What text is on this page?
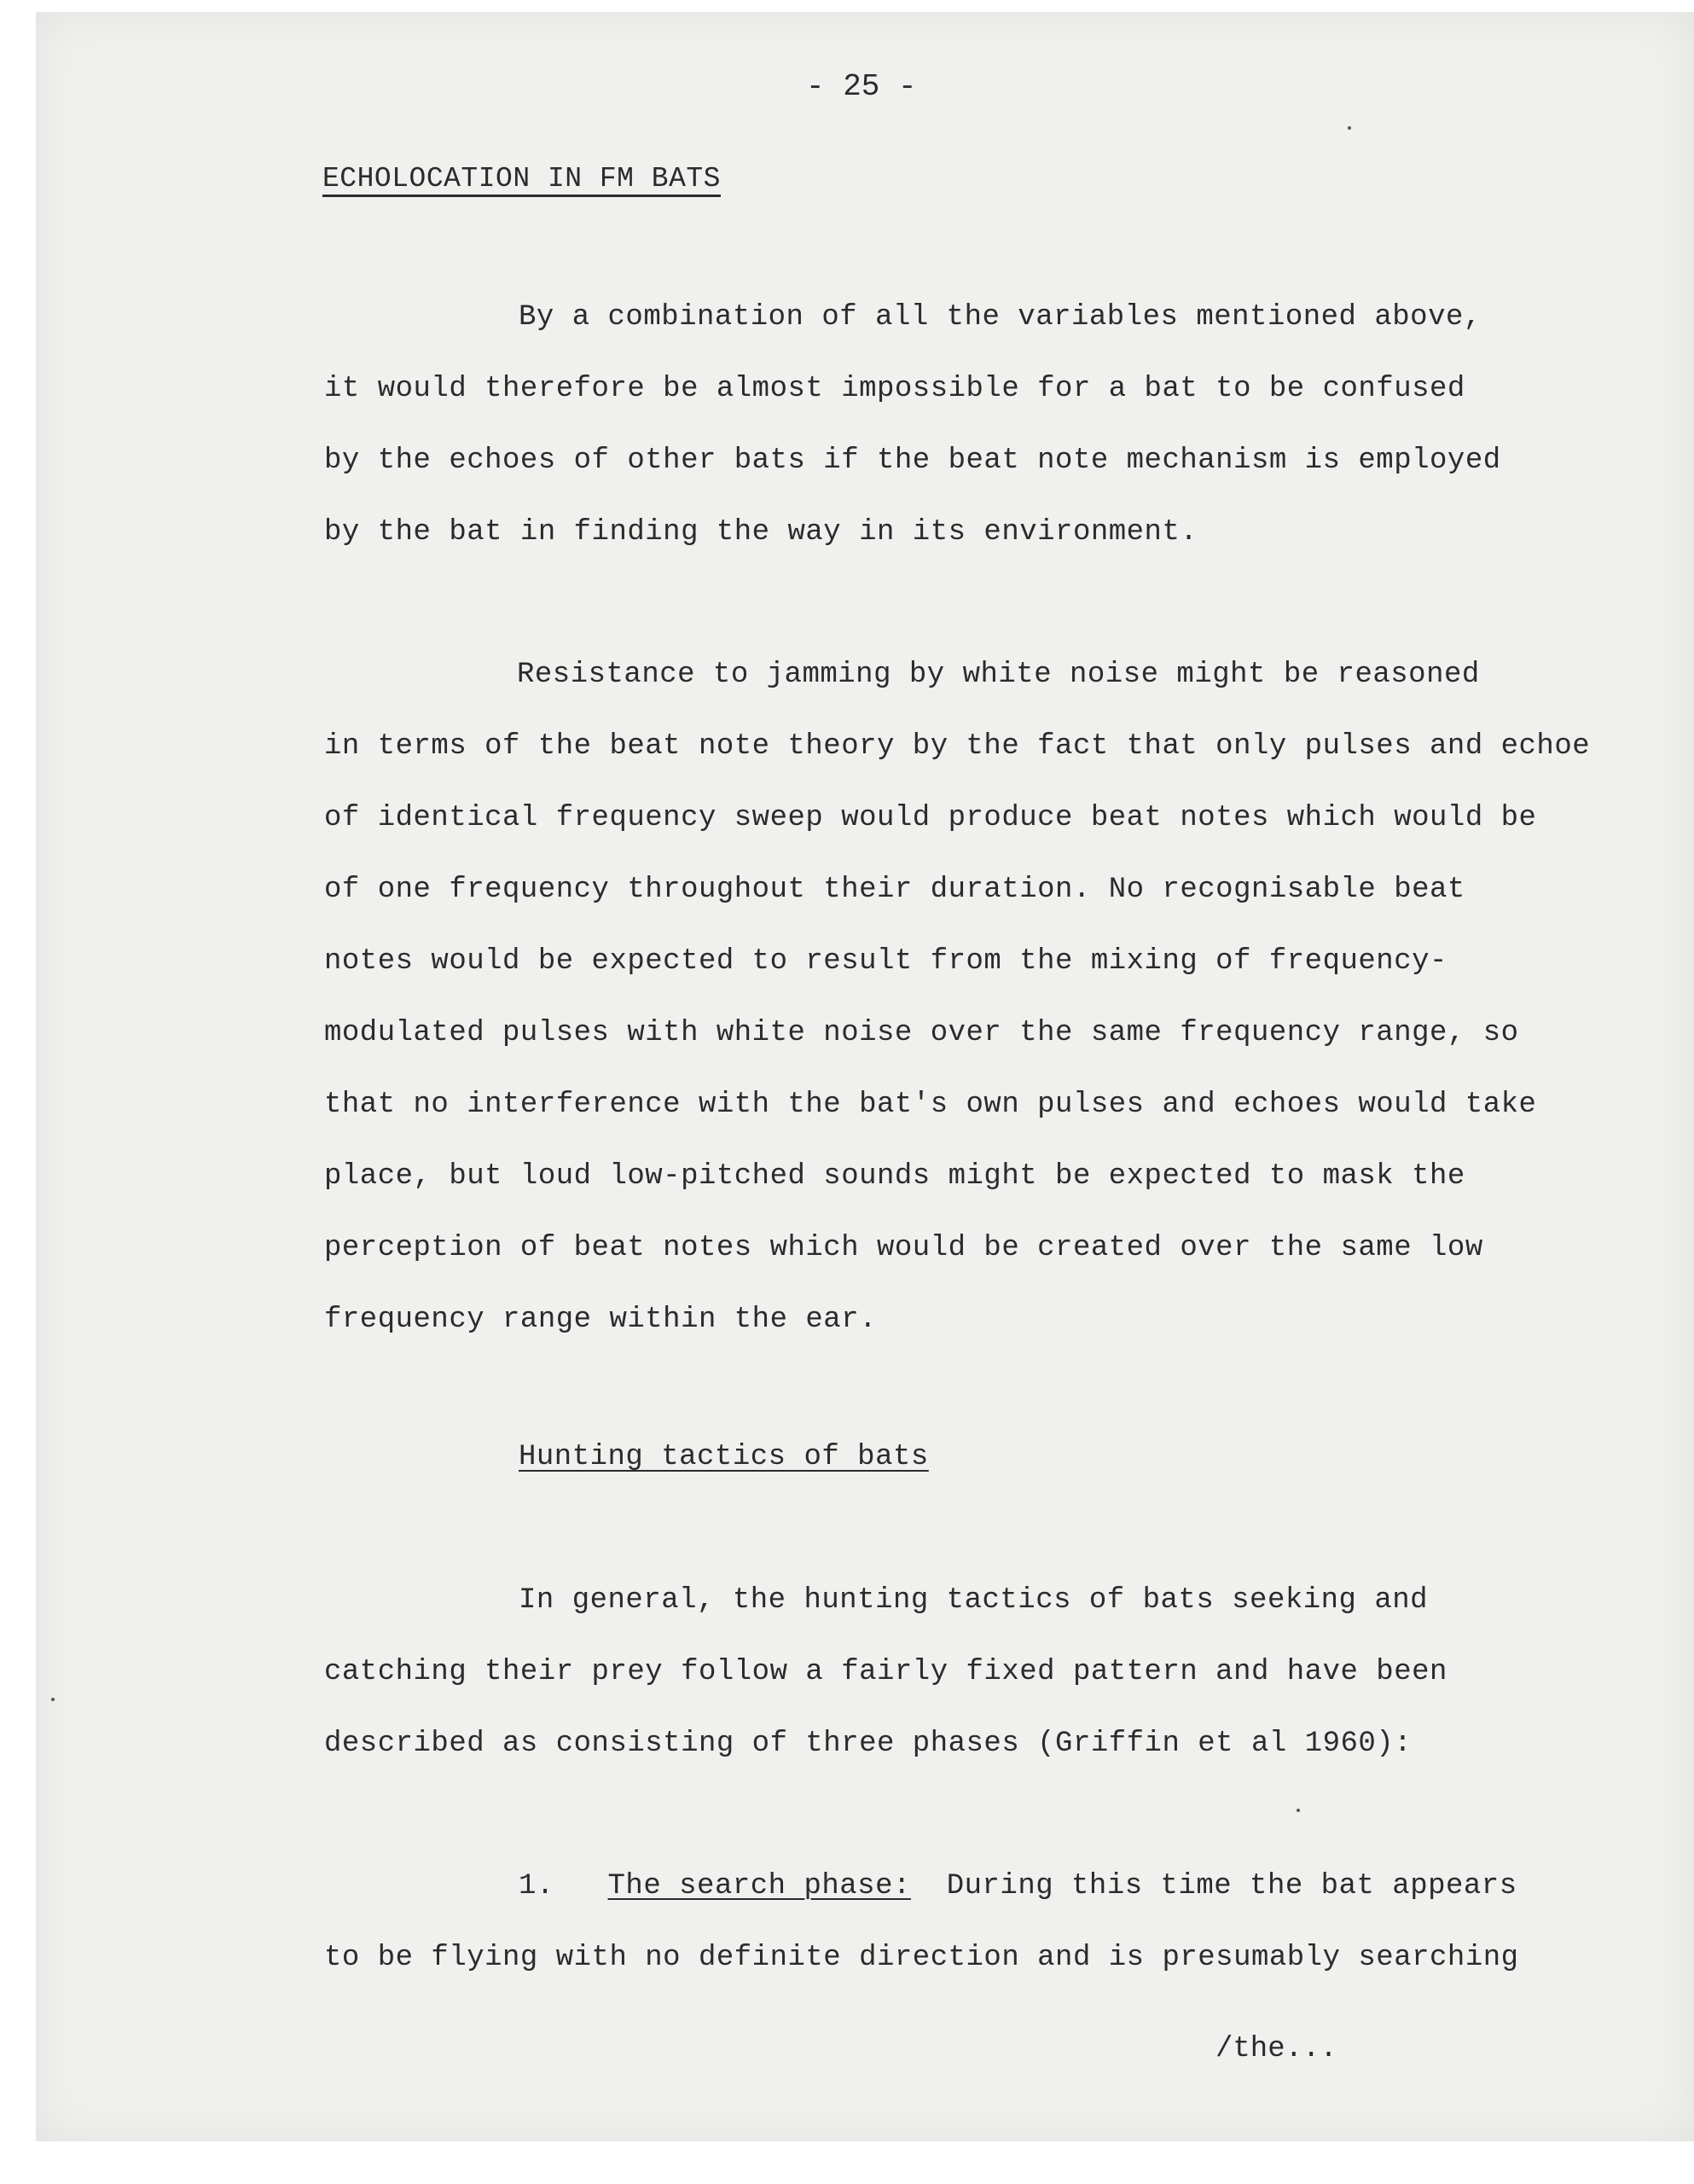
- 25 -
ECHOLOCATION IN FM BATS
By a combination of all the variables mentioned above,
it would therefore be almost impossible for a bat to be confused
by the echoes of other bats if the beat note mechanism is employed
by the bat in finding the way in its environment.
Resistance to jamming by white noise might be reasoned
in terms of the beat note theory by the fact that only pulses and echoe
of identical frequency sweep would produce beat notes which would be
of one frequency throughout their duration. No recognisable beat
notes would be expected to result from the mixing of frequency-
modulated pulses with white noise over the same frequency range, so
that no interference with the bat's own pulses and echoes would take
place, but loud low-pitched sounds might be expected to mask the
perception of beat notes which would be created over the same low
frequency range within the ear.
Hunting tactics of bats
In general, the hunting tactics of bats seeking and
catching their prey follow a fairly fixed pattern and have been
described as consisting of three phases (Griffin et al 1960):
1. The search phase: During this time the bat appears
to be flying with no definite direction and is presumably searching
/the...
